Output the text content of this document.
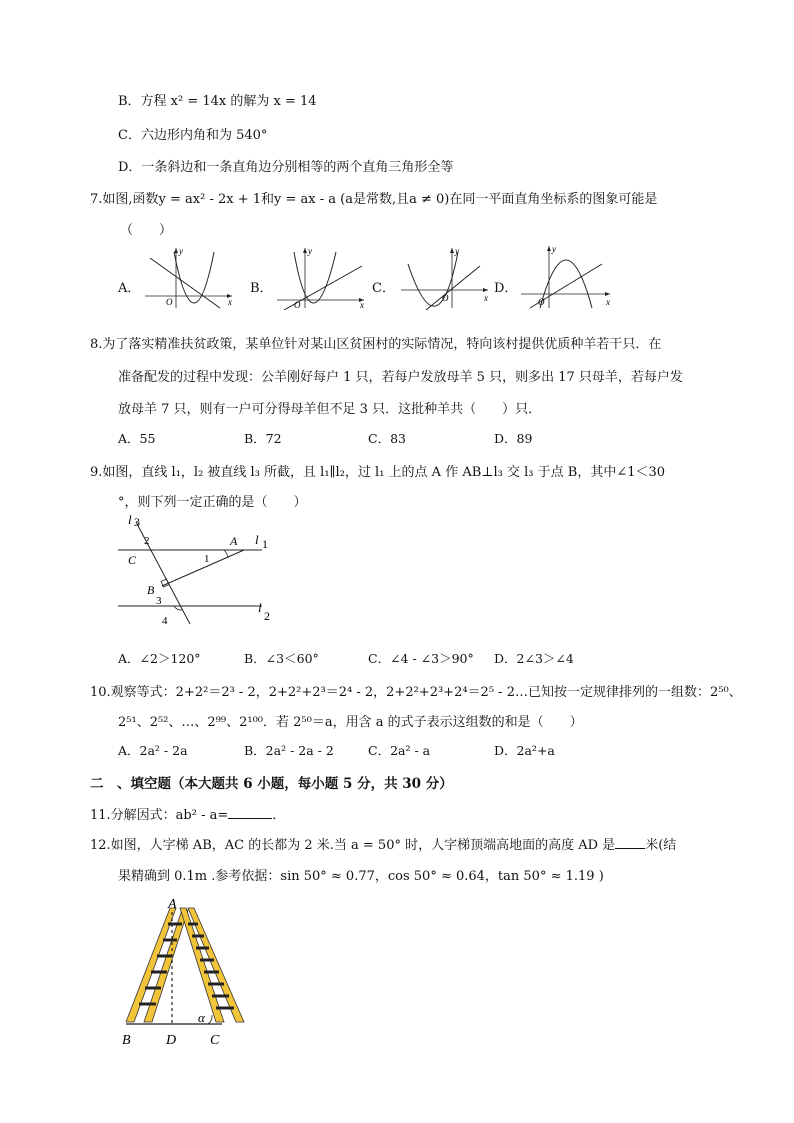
B．方程 x² = 14x 的解为 x = 14
C．六边形内角和为 540°
D．一条斜边和一条直角边分别相等的两个直角三角形全等
7.如图,函数y = ax² - 2x + 1和y = ax - a (a是常数,且a ≠ 0)在同一平面直角坐标系的图象可能是
（　　）
A．	B．	C．	D．
O	x
y
O	x
y
O	x
y
O	x
y
8.为了落实精准扶贫政策，某单位针对某山区贫困村的实际情况，特向该村提供优质种羊若干只．在
准备配发的过程中发现：公羊刚好每户 1 只，若每户发放母羊 5 只，则多出 17 只母羊，若每户发
放母羊 7 只，则有一户可分得母羊但不足 3 只．这批种羊共（　　）只．
A．55	B．72	C．83	D．89
9.如图，直线 l₁，l₂ 被直线 l₃ 所截，且 l₁∥l₂，过 l₁ 上的点 A 作 AB⊥l₃ 交 l₃ 于点 B，其中∠1＜30
°，则下列一定正确的是（　　）
l 3
l 1
l
2
A
B
C	1
2
3
4
A．∠2＞120°	B．∠3＜60°	C．∠4 - ∠3＞90° D．2∠3＞∠4
10.观察等式：2+2²＝2³ - 2，2+2²+2³＝2⁴ - 2，2+2²+2³+2⁴＝2⁵ - 2…已知按一定规律排列的一组数：2⁵⁰、
2⁵¹、2⁵²、…、2⁹⁹、2¹⁰⁰．若 2⁵⁰＝a，用含 a 的式子表示这组数的和是（　　）
A．2a² - 2a	B．2a² - 2a - 2	C．2a² - a	D．2a²+a
二　、填空题（本大题共 6 小题，每小题 5 分，共 30 分）
11.分解因式：ab² - a=	．
12.如图，人字梯 AB，AC 的长都为 2 米.当 a = 50° 时，人字梯顶端高地面的高度 AD 是 米(结
果精确到 0.1m .参考依据：sin 50° ≈ 0.77，cos 50° ≈ 0.64，tan 50° ≈ 1.19 )
A
B	D C
α
